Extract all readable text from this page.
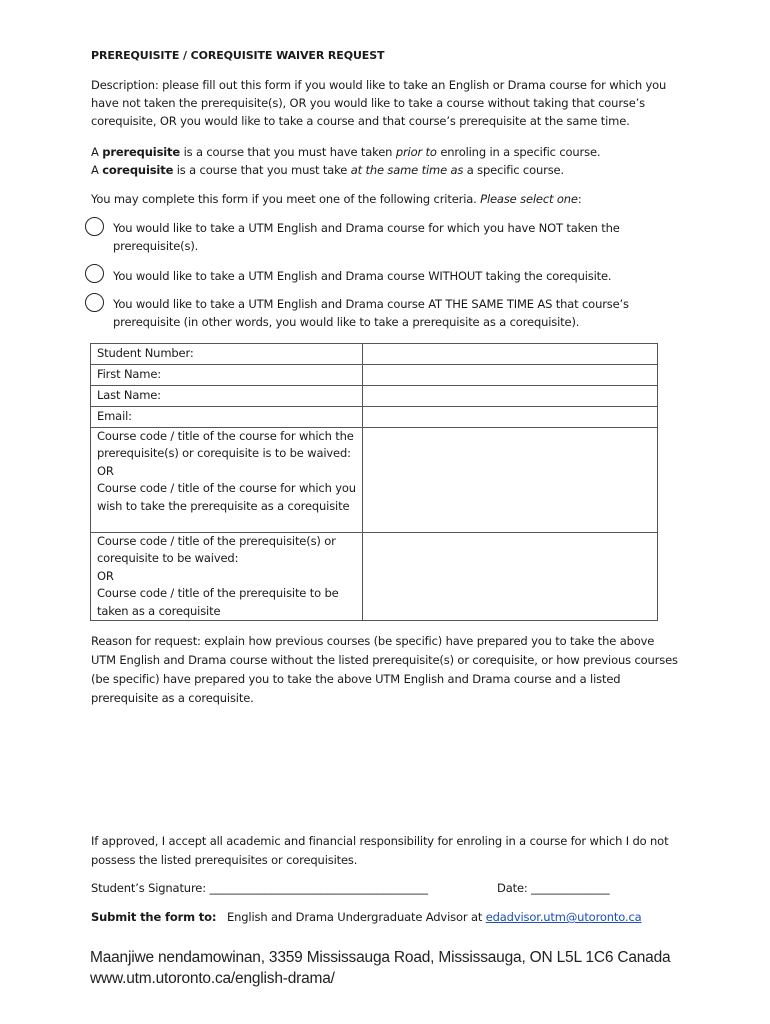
PREREQUISITE / COREQUISITE WAIVER REQUEST
Description: please fill out this form if you would like to take an English or Drama course for which you have not taken the prerequisite(s), OR you would like to take a course without taking that course’s corequisite, OR you would like to take a course and that course’s prerequisite at the same time.
A prerequisite is a course that you must have taken prior to enroling in a specific course.
A corequisite is a course that you must take at the same time as a specific course.
You may complete this form if you meet one of the following criteria. Please select one:
You would like to take a UTM English and Drama course for which you have NOT taken the prerequisite(s).
You would like to take a UTM English and Drama course WITHOUT taking the corequisite.
You would like to take a UTM English and Drama course AT THE SAME TIME AS that course’s prerequisite (in other words, you would like to take a prerequisite as a corequisite).
Student Number:	
First Name:	
Last Name:	
Email:	
Course code / title of the course for which the prerequisite(s) or corequisite is to be waived:
OR
Course code / title of the course for which you wish to take the prerequisite as a corequisite	
Course code / title of the prerequisite(s) or corequisite to be waived:
OR
Course code / title of the prerequisite to be taken as a corequisite	
Reason for request: explain how previous courses (be specific) have prepared you to take the above UTM English and Drama course without the listed prerequisite(s) or corequisite, or how previous courses (be specific) have prepared you to take the above UTM English and Drama course and a listed prerequisite as a corequisite.
If approved, I accept all academic and financial responsibility for enroling in a course for which I do not possess the listed prerequisites or corequisites.
Student’s Signature: _______________________________________	Date: ______________
Submit the form to: English and Drama Undergraduate Advisor at edadvisor.utm@utoronto.ca
Maanjiwe nendamowinan, 3359 Mississauga Road, Mississauga, ON L5L 1C6 Canada
www.utm.utoronto.ca/english-drama/
